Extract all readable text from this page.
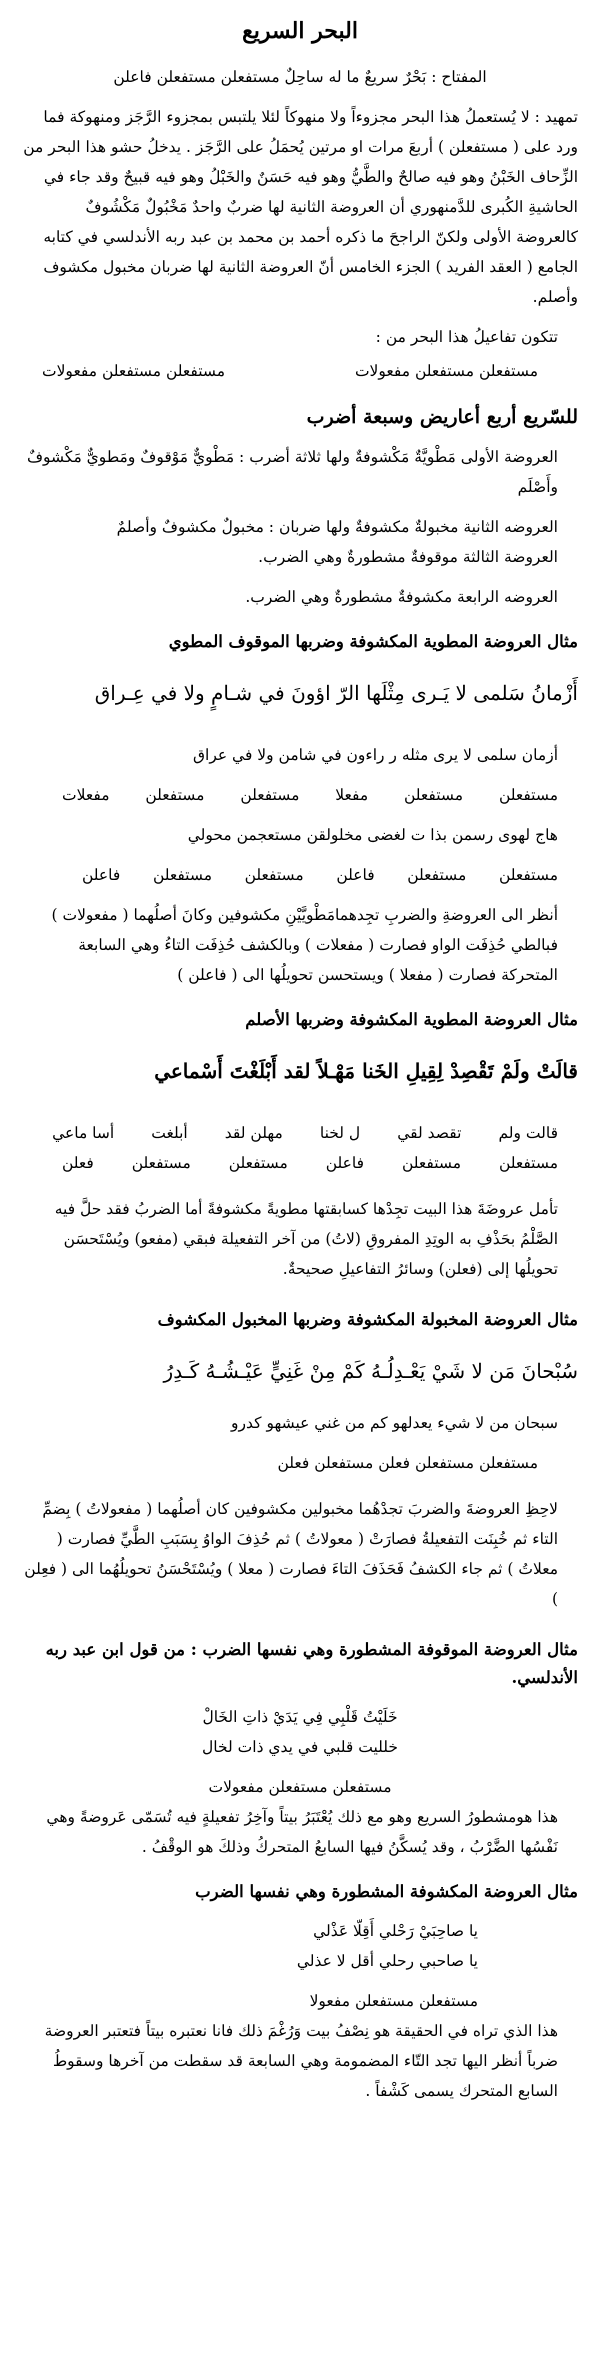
البحر السريع

المفتاح : بَحْرٌ سريعٌ ما له ساحِلٌ مستفعلن مستفعلن فاعلن

تمهيد : لا يُستعملُ هذا البحر مجزوءاً ولا منهوكاً لئلا يلتبس بمجزوء الرَّجَز ومنهوكة فما ورد على ( مستفعلن ) أربعَ مرات او مرتين يُحمَلُ على الرَّجَز . يدخلُ حشو هذا البحر من الزِّحاف الخَبْنُ وهو فيه صالحٌ والطَّيُّ وهو فيه حَسَنٌ والخَبْلُ وهو فيه قبيحٌ وقد جاء في الحاشيةِ الكُبرى للدَّمنهوري أن العروضة الثانية لها ضربٌ واحدٌ مَخْبُولٌ مَكْشُوفٌ كالعروضة الأولى ولكنّ الراجحَ ما ذكره أحمد بن محمد بن عبد ربه الأندلسي في كتابه الجامع ( العقد الفريد ) الجزء الخامس أنّ العروضة الثانية لها ضربان مخبول مكشوف وأصلم.

تتكون تفاعيلُ هذا البحر من :

مستفعلن مستفعلن مفعولات
مستفعلن مستفعلن مفعولات
للسّريع أربع أعاريض وسبعة أضرب

العروضة الأولى مَطْويَّةٌ مَكْشوفةٌ ولها ثلاثة أضرب : مَطْويٌّ مَوْقوفٌ ومَطويٌّ مَكْشوفٌ وأَصْلَم

العروضه الثانية مخبولةٌ مكشوفةٌ ولها ضربان : مخبولٌ مكشوفٌ وأصلمٌ

العروضة الثالثة موقوفةٌ مشطورةٌ وهي الضرب.

العروضه الرابعة مكشوفةٌ مشطورةٌ وهي الضرب.

مثال العروضة المطوية المكشوفة وضربها الموقوف المطوي

أَزْمانُ سَلمى لا يَـرى مِثْلَها الرّ اؤونَ في شـامٍ ولا في عِـراق

أزمان سلمى لا يرى مثله ر راءون في شامن ولا في عراق

مستفعلن
مستفعلن
مفعلا
مستفعلن
مستفعلن
مفعلات

هاج لهوى رسمن بذا ت لغضى مخلولقن مستعجمن محولي

مستفعلن
مستفعلن
فاعلن
مستفعلن
مستفعلن
فاعلن

أنظر الى العروضةِ والضربِ تجِدهمامَطْويَّيْنِ مكشوفين وكانَ أصلُهما ( مفعولات ) فبالطي حُذِفَت الواو فصارت ( مفعلات ) وبالكشف حُذِفَت التاءُ وهي السابعة المتحركة فصارت ( مفعلا ) ويستحسن تحويلُها الى ( فاعلن )

مثال العروضة المطوية المكشوفة وضربها الأصلم

قالَتْ ولَمْ تَقْصِدْ لِقِيلِ الخَنا مَهْـلاً لقد أَبْلَغْتَ أَسْماعي

قالت ولم
تقصد لقي
ل لخنا
مهلن لقد
أبلغت
أسا ماعي
مستفعلن
مستفعلن
فاعلن
مستفعلن
مستفعلن
فعلن

تأمل عروضَةَ هذا البيت تجِدْها كسابقتها مطويةً مكشوفةً أما الضربُ فقد حلَّ فيه الصَّلْمُ بحَذْفِ به الوتِدِ المفروقِ (لاتُ) من آخر التفعيلة فبقي (مفعو) ويُسْتَحسَن تحويلُها إلى (فعلن) وسائرُ التفاعيلِ صحيحةٌ.

مثال العروضة المخبولة المكشوفة وضربها المخبول المكشوف

سُبْحانَ مَن لا شَيْ يَعْـدِلُـهُ كَمْ مِنْ غَنِيٍّ عَيْـشُـهُ كَـدِرُ

سبحان من لا شيء يعدلهو كم من غني عيشهو كدرو

مستفعلن مستفعلن فعلن مستفعلن فعلن

لاحِظِ العروضةَ والضربَ تجدْهُما مخبولين مكشوفين كان أصلُهما ( مفعولاتُ ) بِضمِّ التاء ثم خُبِنَت التفعيلةُ فصارَتْ ( معولاتُ ) ثم حُذِفَ الواوُ بِسَبَبِ الطَّيِّ فصارت ( معلاتُ ) ثم جاء الكشفُ فَحَذَفَ التاءَ فصارت ( معلا ) ويُسْتَحْسَنُ تحويلُهُما الى ( فعِلن )

مثال العروضة الموقوفة المشطورة وهي نفسها الضرب : من قول ابن عبد ربه الأندلسي.

خَلَيْتُ قَلْبِي فِي يَدَيْ ذاتِ الخَالْ

خلليت قلبي في يدي ذات لخال

مستفعلن مستفعلن مفعولات

هذا هومشطورُ السريع وهو مع ذلك يُعْتَبَرُ بيتاً وآخِرُ تفعيلةٍ فيه تُسَمّى عَروضةً وهي نَفْسُها الضَّرْبُ ، وقد يُسكَّنُ فيها السابعُ المتحركُ وذلكَ هو الوقْفُ .

مثال العروضة المكشوفة المشطورة وهي نفسها الضرب

يا صاحِبَيْ رَحْلي أَقِلّا عَذْلي

يا صاحبي رحلي أقل لا عذلي

مستفعلن مستفعلن مفعولا

هذا الذي تراه في الحقيقة هو نِصْفُ بيت وَرُغْمَ ذلك فانا نعتبره بيتاً فتعتبر العروضة ضرباً أنظر اليها تجد التّاء المضمومة وهي السابعة قد سقطت من آخرها وسقوطُ السابع المتحرك يسمى كَشْفاً .
